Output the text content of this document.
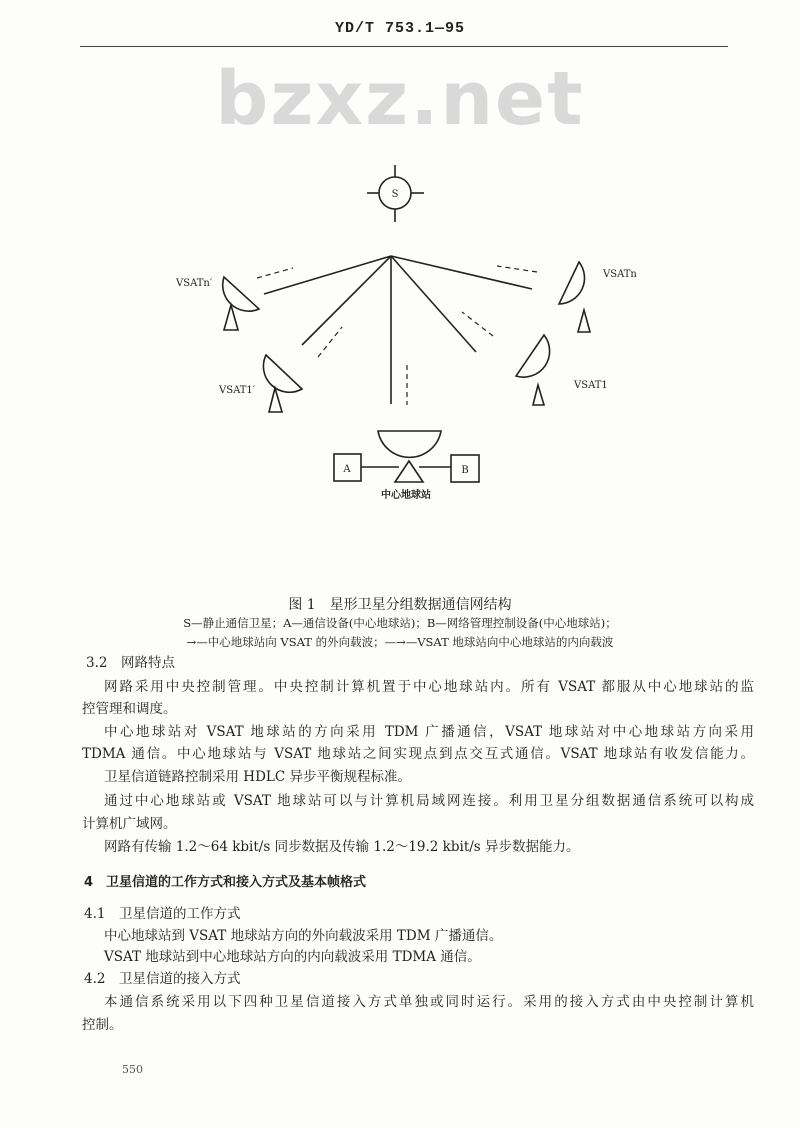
YD/T 753.1—95
bzxz.net
S
VSATn′
VSATn
VSAT1′	VSAT1
A	B
中心地球站
图 1　星形卫星分组数据通信网结构
S—静止通信卫星；A—通信设备(中心地球站)；B—网络管理控制设备(中心地球站)；
→—中心地球站向 VSAT 的外向载波；—→—VSAT 地球站向中心地球站的内向载波
3.2　网路特点
网路采用中央控制管理。中央控制计算机置于中心地球站内。所有 VSAT 都服从中心地球站的监
控管理和调度。
中心地球站对 VSAT 地球站的方向采用 TDM 广播通信，VSAT 地球站对中心地球站方向采用
TDMA 通信。中心地球站与 VSAT 地球站之间实现点到点交互式通信。VSAT 地球站有收发信能力。
卫星信道链路控制采用 HDLC 异步平衡规程标准。
通过中心地球站或 VSAT 地球站可以与计算机局域网连接。利用卫星分组数据通信系统可以构成
计算机广域网。
网路有传输 1.2～64 kbit/s 同步数据及传输 1.2～19.2 kbit/s 异步数据能力。
4　卫星信道的工作方式和接入方式及基本帧格式
4.1　卫星信道的工作方式
中心地球站到 VSAT 地球站方向的外向载波采用 TDM 广播通信。
VSAT 地球站到中心地球站方向的内向载波采用 TDMA 通信。
4.2　卫星信道的接入方式
本通信系统采用以下四种卫星信道接入方式单独或同时运行。采用的接入方式由中央控制计算机
控制。
550
